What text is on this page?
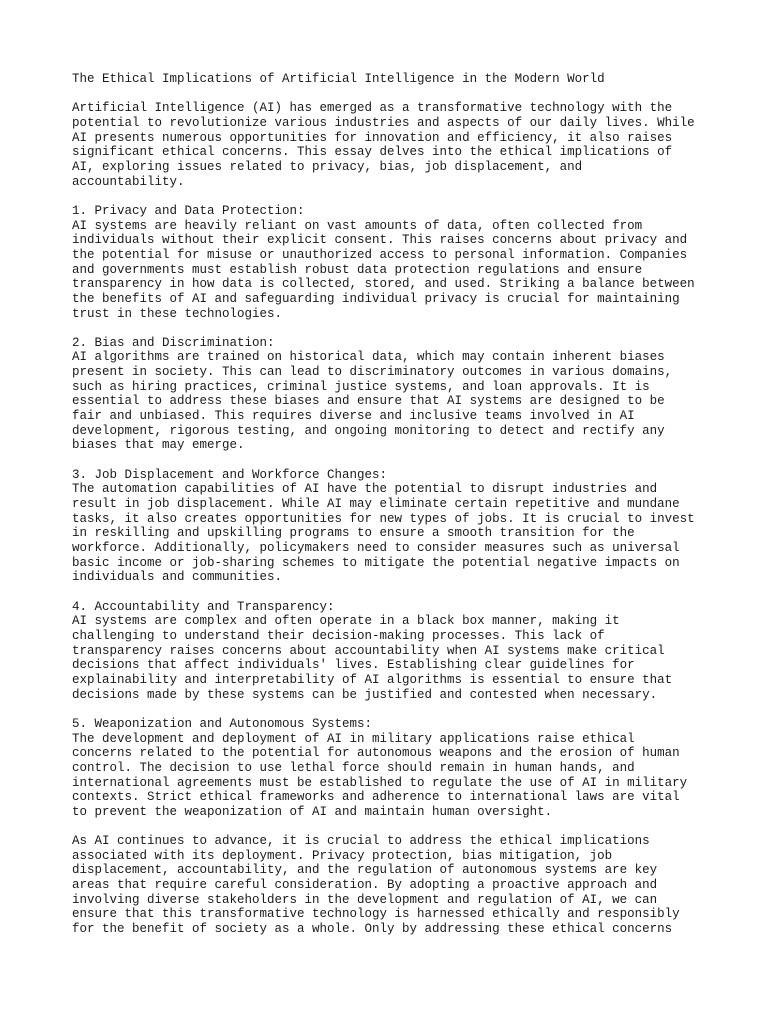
The Ethical Implications of Artificial Intelligence in the Modern World
Artificial Intelligence (AI) has emerged as a transformative technology with the
potential to revolutionize various industries and aspects of our daily lives. While
AI presents numerous opportunities for innovation and efficiency, it also raises
significant ethical concerns. This essay delves into the ethical implications of
AI, exploring issues related to privacy, bias, job displacement, and
accountability.
1. Privacy and Data Protection:
AI systems are heavily reliant on vast amounts of data, often collected from
individuals without their explicit consent. This raises concerns about privacy and
the potential for misuse or unauthorized access to personal information. Companies
and governments must establish robust data protection regulations and ensure
transparency in how data is collected, stored, and used. Striking a balance between
the benefits of AI and safeguarding individual privacy is crucial for maintaining
trust in these technologies.
2. Bias and Discrimination:
AI algorithms are trained on historical data, which may contain inherent biases
present in society. This can lead to discriminatory outcomes in various domains,
such as hiring practices, criminal justice systems, and loan approvals. It is
essential to address these biases and ensure that AI systems are designed to be
fair and unbiased. This requires diverse and inclusive teams involved in AI
development, rigorous testing, and ongoing monitoring to detect and rectify any
biases that may emerge.
3. Job Displacement and Workforce Changes:
The automation capabilities of AI have the potential to disrupt industries and
result in job displacement. While AI may eliminate certain repetitive and mundane
tasks, it also creates opportunities for new types of jobs. It is crucial to invest
in reskilling and upskilling programs to ensure a smooth transition for the
workforce. Additionally, policymakers need to consider measures such as universal
basic income or job-sharing schemes to mitigate the potential negative impacts on
individuals and communities.
4. Accountability and Transparency:
AI systems are complex and often operate in a black box manner, making it
challenging to understand their decision-making processes. This lack of
transparency raises concerns about accountability when AI systems make critical
decisions that affect individuals' lives. Establishing clear guidelines for
explainability and interpretability of AI algorithms is essential to ensure that
decisions made by these systems can be justified and contested when necessary.
5. Weaponization and Autonomous Systems:
The development and deployment of AI in military applications raise ethical
concerns related to the potential for autonomous weapons and the erosion of human
control. The decision to use lethal force should remain in human hands, and
international agreements must be established to regulate the use of AI in military
contexts. Strict ethical frameworks and adherence to international laws are vital
to prevent the weaponization of AI and maintain human oversight.
As AI continues to advance, it is crucial to address the ethical implications
associated with its deployment. Privacy protection, bias mitigation, job
displacement, accountability, and the regulation of autonomous systems are key
areas that require careful consideration. By adopting a proactive approach and
involving diverse stakeholders in the development and regulation of AI, we can
ensure that this transformative technology is harnessed ethically and responsibly
for the benefit of society as a whole. Only by addressing these ethical concerns
